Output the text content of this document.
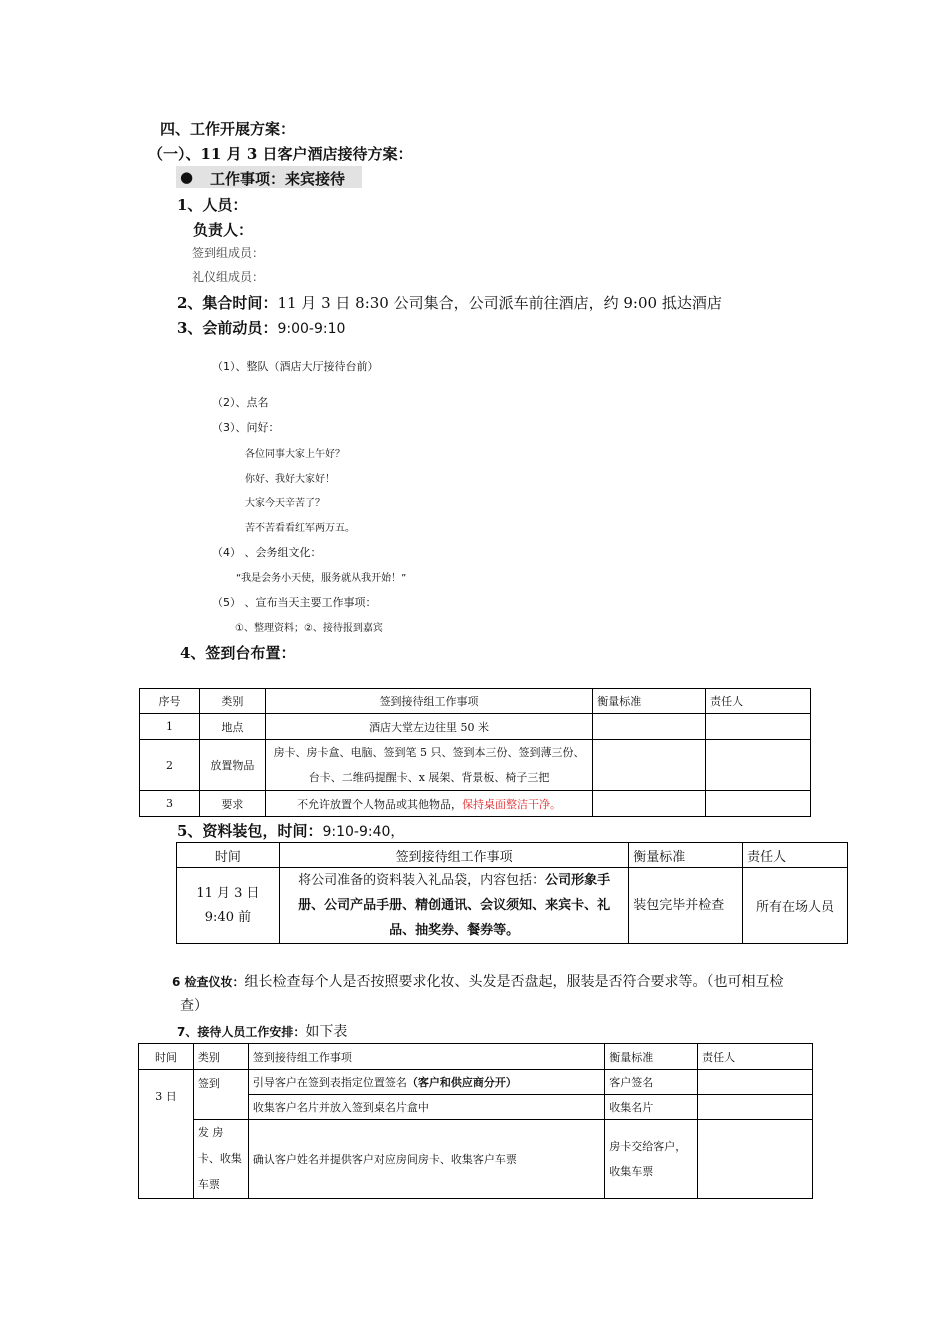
四、工作开展方案：
（一）、11 月 3 日客户酒店接待方案：
● 工作事项：来宾接待
1、人员：
负责人：
签到组成员：
礼仪组成员：
2、集合时间：11 月 3 日 8:30 公司集合，公司派车前往酒店，约 9:00 抵达酒店
3、会前动员：9:00-9:10
（1）、整队（酒店大厅接待台前）
（2）、点名
（3）、问好：
各位同事大家上午好？
你好、我好大家好！
大家今天辛苦了？
苦不苦看看红军两万五。
（4） 、会务组文化：
“我是会务小天使，服务就从我开始！”
（5） 、宣布当天主要工作事项：
①、整理资料；②、接待报到嘉宾
4、签到台布置：
序号	类别	签到接待组工作事项	衡量标准	责任人
1	地点	酒店大堂左边往里 50 米		
2	放置物品	房卡、房卡盒、电脑、签到笔 5 只、签到本三份、签到薄三份、台卡、二维码提醒卡、x 展架、背景板、椅子三把		
3	要求	不允许放置个人物品或其他物品，保持桌面整洁干净。		
5、资料装包，时间：9:10-9:40，
时间	签到接待组工作事项	衡量标准	责任人

11 月 3 日
9:40 前	将公司准备的资料装入礼品袋，内容包括：公司形象手册、公司产品手册、精创通讯、会议须知、来宾卡、礼品、抽奖券、餐券等。	装包完毕并检查	所有在场人员
6 检查仪妆：组长检查每个人是否按照要求化妆、头发是否盘起，服装是否符合要求等。（也可相互检
查）
7、接待人员工作安排：如下表
时间	类别	签到接待组工作事项	衡量标准	责任人
3 日	签到	引导客户在签到表指定位置签名（客户和供应商分开）	客户签名	
		收集客户名片并放入签到桌名片盒中	收集名片	
	发 房卡、收集车票	确认客户姓名并提供客户对应房间房卡、收集客户车票	房卡交给客户，收集车票	
